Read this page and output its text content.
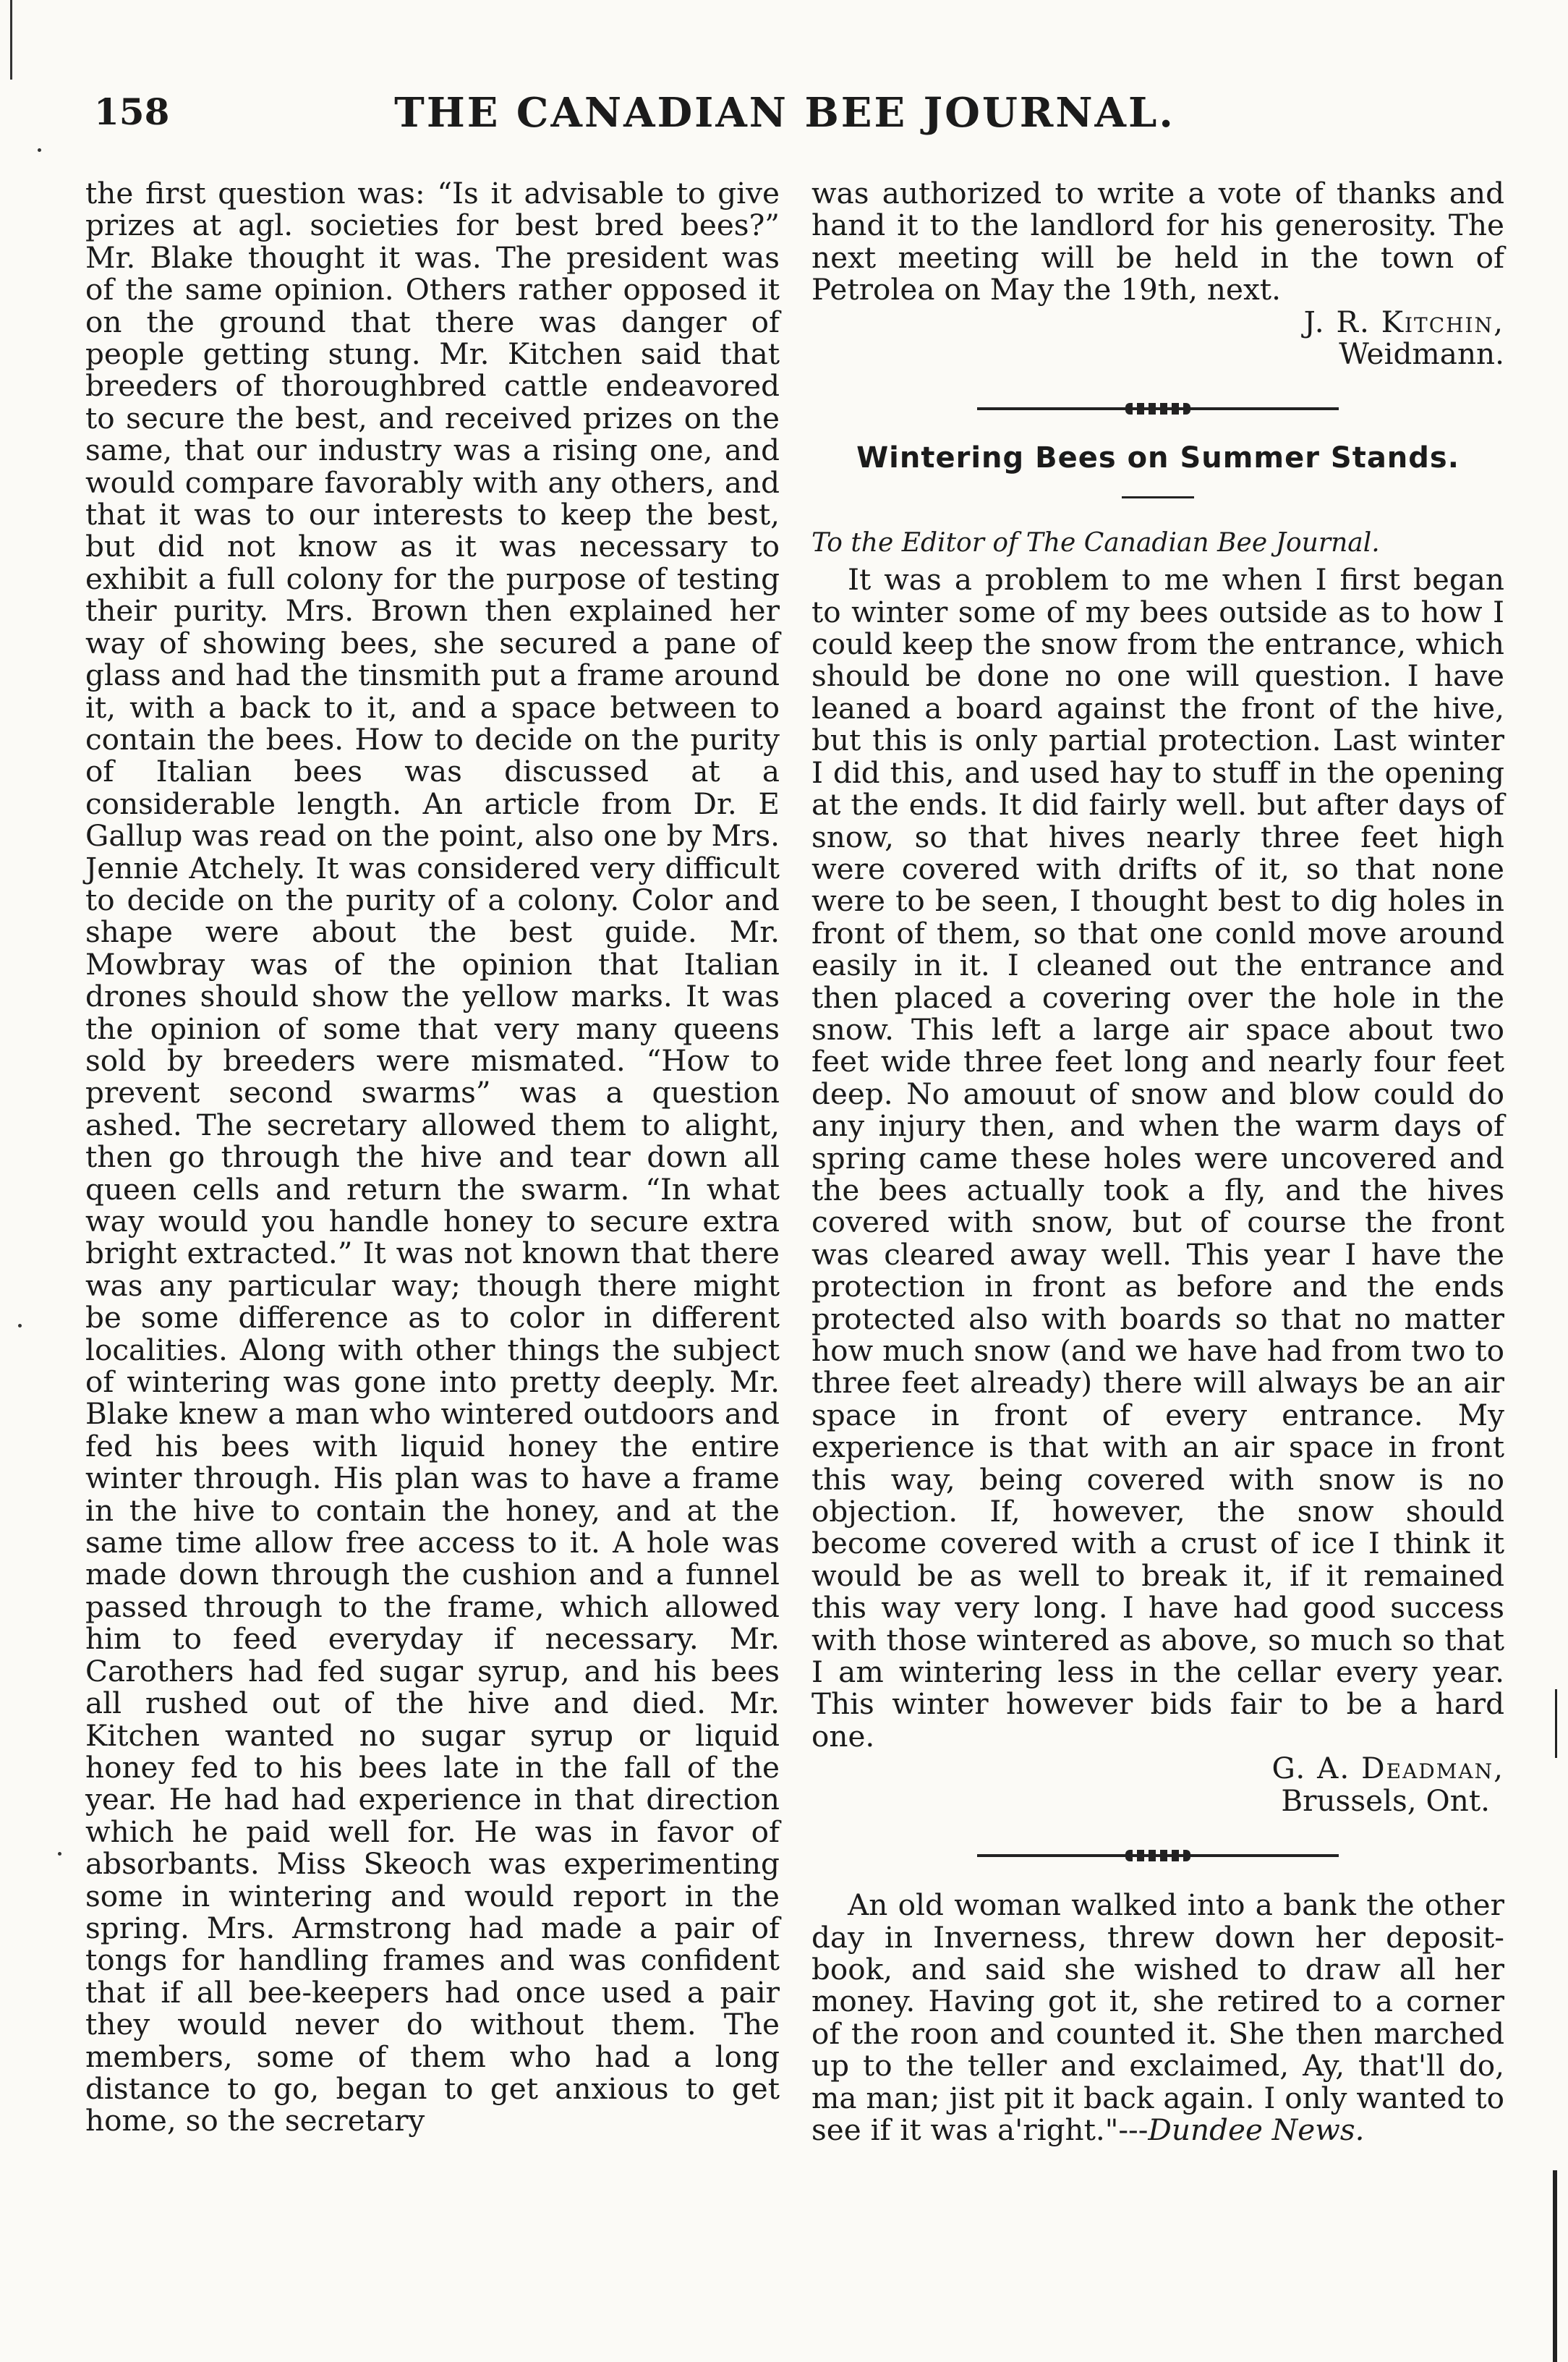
158	THE CANADIAN BEE JOURNAL.

the first question was: “Is it advisable to give prizes at agl. societies for best bred bees?” Mr. Blake thought it was. The president was of the same opinion. Others rather opposed it on the ground that there was danger of people getting stung. Mr. Kitchen said that breeders of thoroughbred cattle endeavored to secure the best, and received prizes on the same, that our industry was a rising one, and would compare favorably with any others, and that it was to our interests to keep the best, but did not know as it was necessary to exhibit a full colony for the purpose of testing their purity. Mrs. Brown then explained her way of showing bees, she secured a pane of glass and had the tinsmith put a frame around it, with a back to it, and a space between to contain the bees. How to decide on the purity of Italian bees was discussed at a considerable length. An article from Dr. E Gallup was read on the point, also one by Mrs. Jennie Atchely. It was considered very difficult to decide on the purity of a colony. Color and shape were about the best guide. Mr. Mowbray was of the opinion that Italian drones should show the yellow marks. It was the opinion of some that very many queens sold by breeders were mismated. “How to prevent second swarms” was a question ashed. The secretary allowed them to alight, then go through the hive and tear down all queen cells and return the swarm. “In what way would you handle honey to secure extra bright extracted.” It was not known that there was any particular way; though there might be some difference as to color in different localities. Along with other things the subject of wintering was gone into pretty deeply. Mr. Blake knew a man who wintered outdoors and fed his bees with liquid honey the entire winter through. His plan was to have a frame in the hive to contain the honey, and at the same time allow free access to it. A hole was made down through the cushion and a funnel passed through to the frame, which allowed him to feed everyday if necessary. Mr. Carothers had fed sugar syrup, and his bees all rushed out of the hive and died. Mr. Kitchen wanted no sugar syrup or liquid honey fed to his bees late in the fall of the year. He had had experience in that direction which he paid well for. He was in favor of absorbants. Miss Skeoch was experimenting some in wintering and would report in the spring. Mrs. Armstrong had made a pair of tongs for handling frames and was confident that if all bee-keepers had once used a pair they would never do without them. The members, some of them who had a long distance to go, began to get anxious to get home, so the secretary

was authorized to write a vote of thanks and hand it to the landlord for his generosity. The next meeting will be held in the town of Petrolea on May the 19th, next.

J. R. Kitchin,

Weidmann.

Wintering Bees on Summer Stands.

To the Editor of The Canadian Bee Journal.

It was a problem to me when I first began to winter some of my bees outside as to how I could keep the snow from the entrance, which should be done no one will question. I have leaned a board against the front of the hive, but this is only partial protection. Last winter I did this, and used hay to stuff in the opening at the ends. It did fairly well. but after days of snow, so that hives nearly three feet high were covered with drifts of it, so that none were to be seen, I thought best to dig holes in front of them, so that one conld move around easily in it. I cleaned out the entrance and then placed a covering over the hole in the snow. This left a large air space about two feet wide three feet long and nearly four feet deep. No amouut of snow and blow could do any injury then, and when the warm days of spring came these holes were uncovered and the bees actually took a fly, and the hives covered with snow, but of course the front was cleared away well. This year I have the protection in front as before and the ends protected also with boards so that no matter how much snow (and we have had from two to three feet already) there will always be an air space in front of every entrance. My experience is that with an air space in front this way, being covered with snow is no objection. If, however, the snow should become covered with a crust of ice I think it would be as well to break it, if it remained this way very long. I have had good success with those wintered as above, so much so that I am wintering less in the cellar every year. This winter however bids fair to be a hard one.

G. A. Deadman,

Brussels, Ont.

An old woman walked into a bank the other day in Inverness, threw down her deposit-book, and said she wished to draw all her money. Having got it, she retired to a corner of the roon and counted it. She then marched up to the teller and exclaimed, Ay, that'll do, ma man; jist pit it back again. I only wanted to see if it was a'right."---Dundee News.
